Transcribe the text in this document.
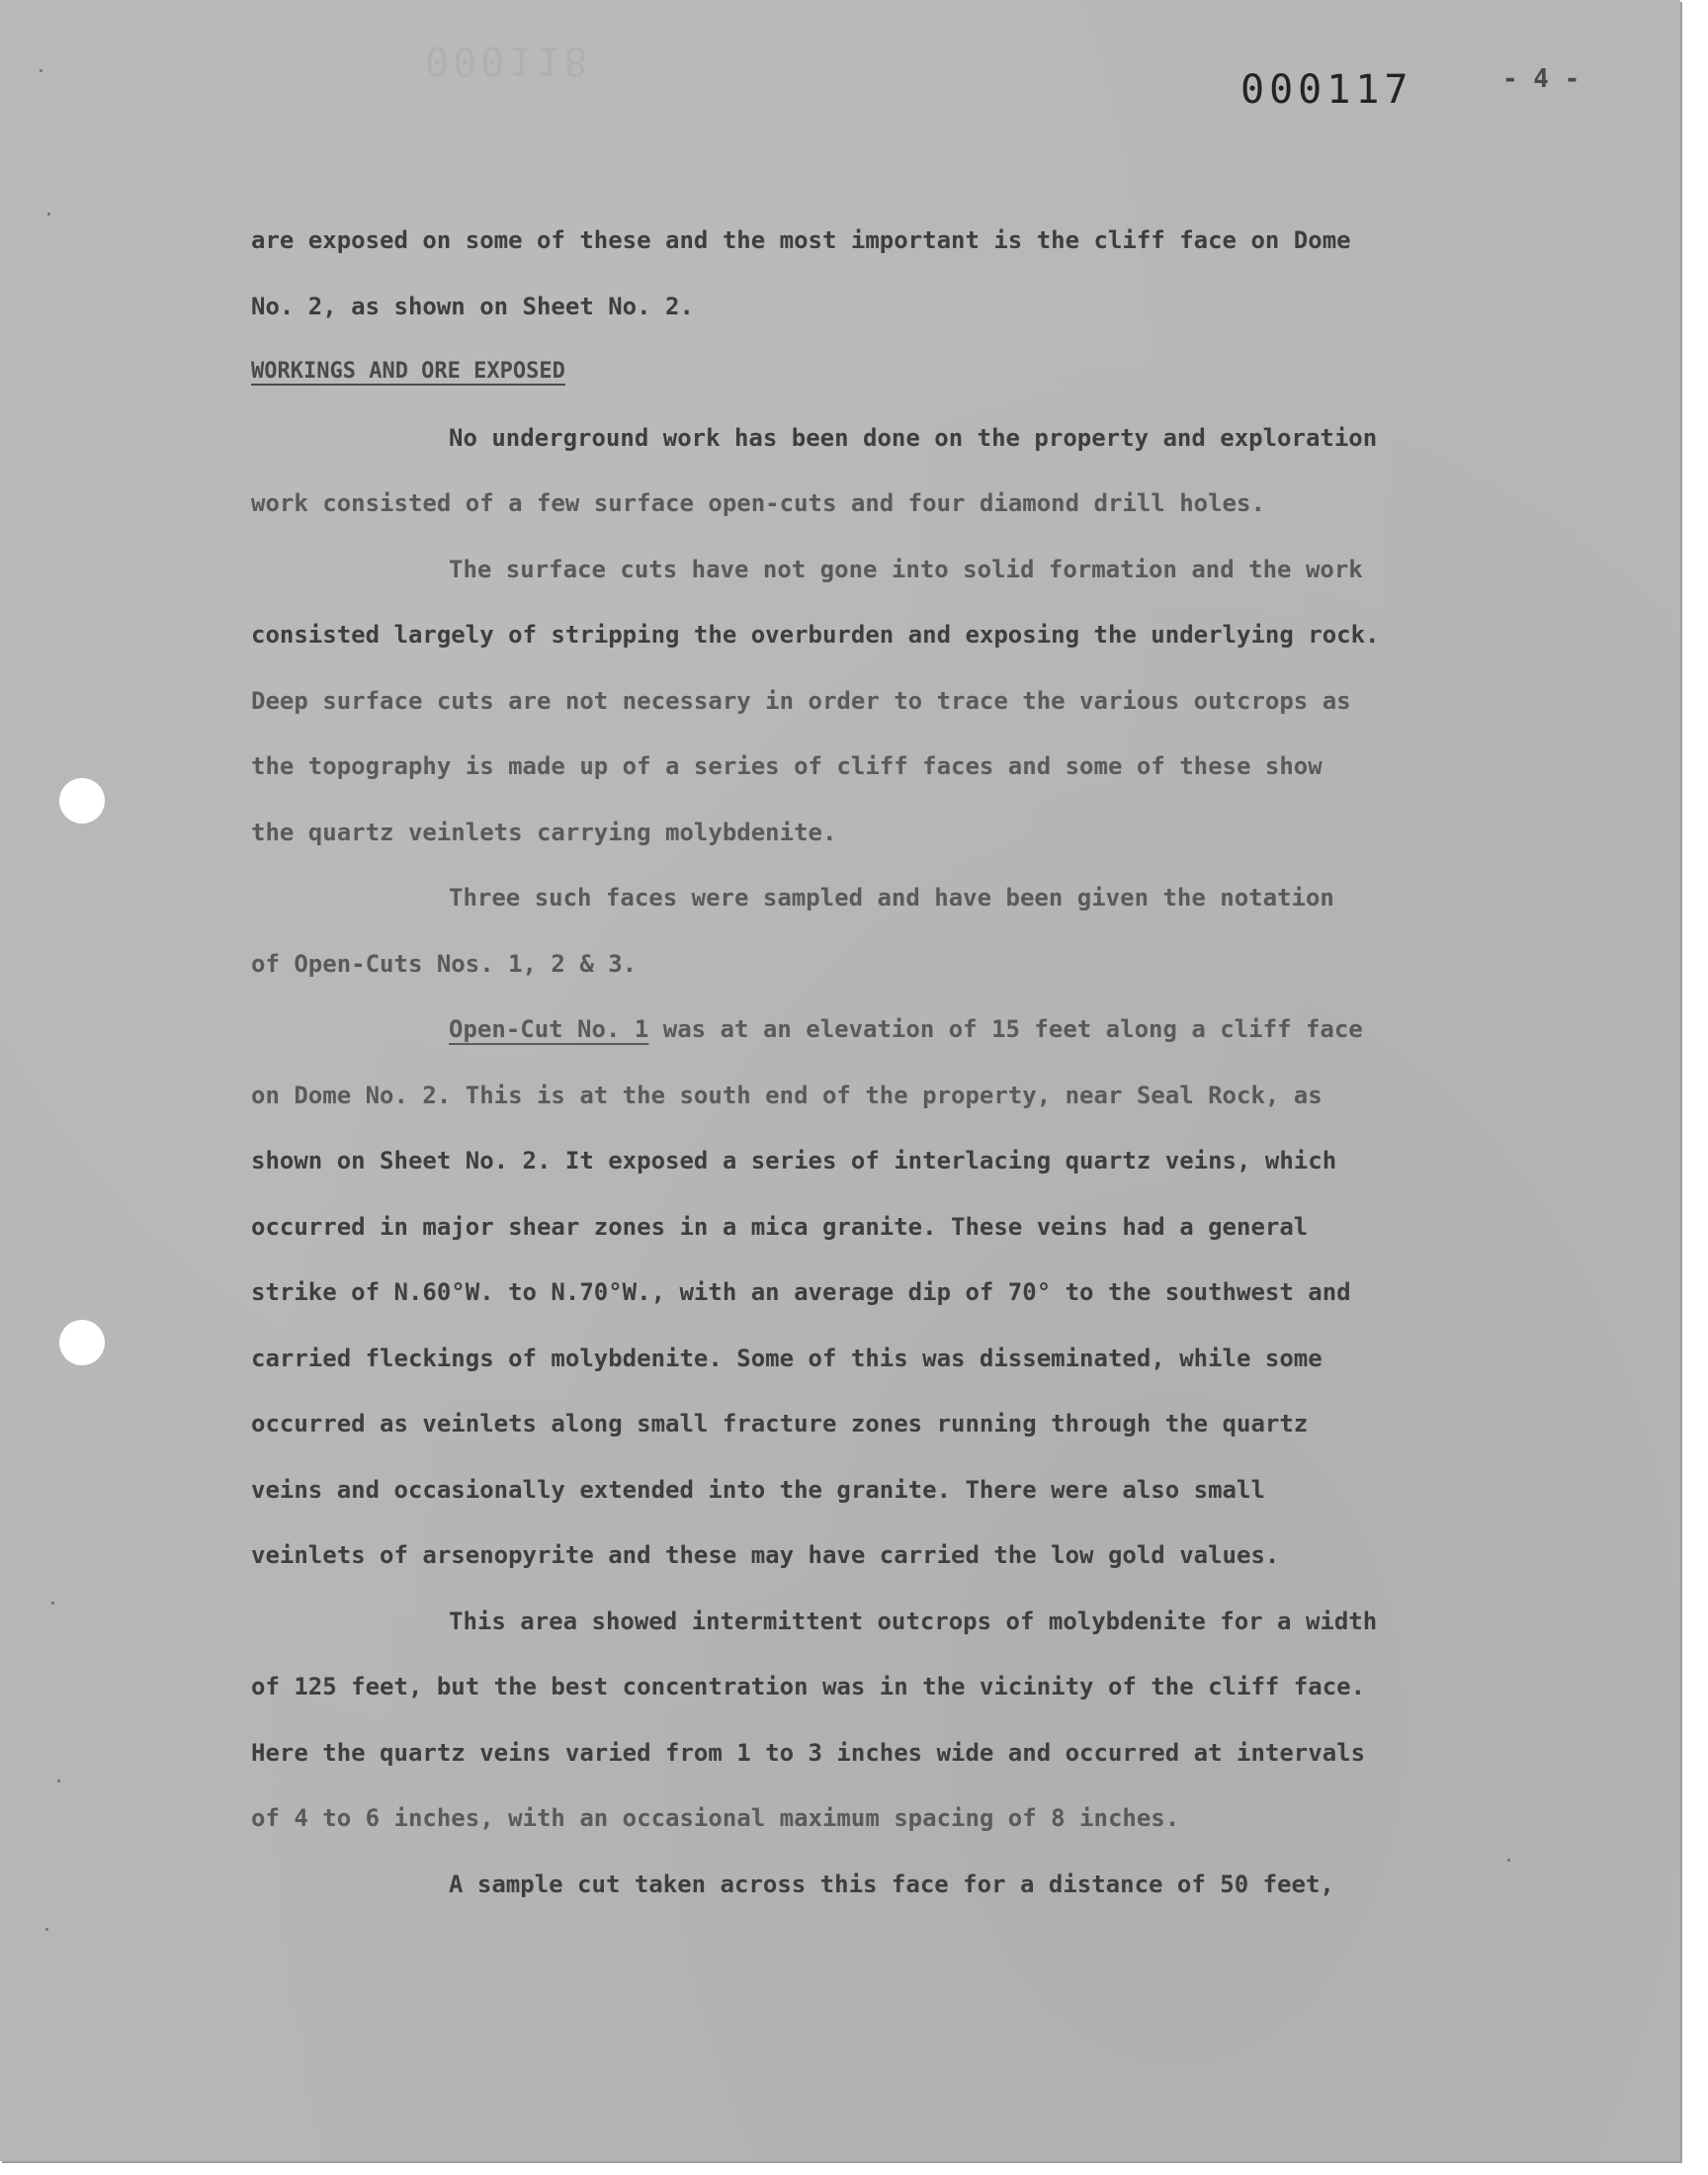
000118
000117	- 4 -
are exposed on some of these and the most important is the cliff face on Dome
No. 2, as shown on Sheet No. 2.
WORKINGS AND ORE EXPOSED
No underground work has been done on the property and exploration
work consisted of a few surface open-cuts and four diamond drill holes.
The surface cuts have not gone into solid formation and the work
consisted largely of stripping the overburden and exposing the underlying rock.
Deep surface cuts are not necessary in order to trace the various outcrops as
the topography is made up of a series of cliff faces and some of these show
the quartz veinlets carrying molybdenite.
Three such faces were sampled and have been given the notation
of Open-Cuts Nos. 1, 2 & 3.
Open-Cut No. 1 was at an elevation of 15 feet along a cliff face
on Dome No. 2. This is at the south end of the property, near Seal Rock, as
shown on Sheet No. 2. It exposed a series of interlacing quartz veins, which
occurred in major shear zones in a mica granite. These veins had a general
strike of N.60°W. to N.70°W., with an average dip of 70° to the southwest and
carried fleckings of molybdenite. Some of this was disseminated, while some
occurred as veinlets along small fracture zones running through the quartz
veins and occasionally extended into the granite. There were also small
veinlets of arsenopyrite and these may have carried the low gold values.
This area showed intermittent outcrops of molybdenite for a width
of 125 feet, but the best concentration was in the vicinity of the cliff face.
Here the quartz veins varied from 1 to 3 inches wide and occurred at intervals
of 4 to 6 inches, with an occasional maximum spacing of 8 inches.
A sample cut taken across this face for a distance of 50 feet,
